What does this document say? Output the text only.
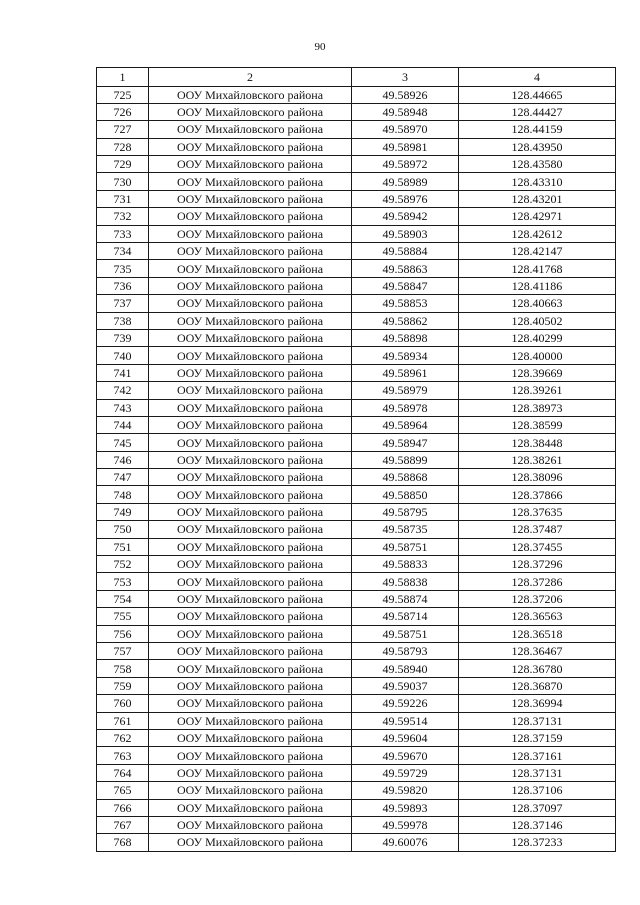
90
1	2	3	4
725	ООУ Михайловского района	49.58926	128.44665
726	ООУ Михайловского района	49.58948	128.44427
727	ООУ Михайловского района	49.58970	128.44159
728	ООУ Михайловского района	49.58981	128.43950
729	ООУ Михайловского района	49.58972	128.43580
730	ООУ Михайловского района	49.58989	128.43310
731	ООУ Михайловского района	49.58976	128.43201
732	ООУ Михайловского района	49.58942	128.42971
733	ООУ Михайловского района	49.58903	128.42612
734	ООУ Михайловского района	49.58884	128.42147
735	ООУ Михайловского района	49.58863	128.41768
736	ООУ Михайловского района	49.58847	128.41186
737	ООУ Михайловского района	49.58853	128.40663
738	ООУ Михайловского района	49.58862	128.40502
739	ООУ Михайловского района	49.58898	128.40299
740	ООУ Михайловского района	49.58934	128.40000
741	ООУ Михайловского района	49.58961	128.39669
742	ООУ Михайловского района	49.58979	128.39261
743	ООУ Михайловского района	49.58978	128.38973
744	ООУ Михайловского района	49.58964	128.38599
745	ООУ Михайловского района	49.58947	128.38448
746	ООУ Михайловского района	49.58899	128.38261
747	ООУ Михайловского района	49.58868	128.38096
748	ООУ Михайловского района	49.58850	128.37866
749	ООУ Михайловского района	49.58795	128.37635
750	ООУ Михайловского района	49.58735	128.37487
751	ООУ Михайловского района	49.58751	128.37455
752	ООУ Михайловского района	49.58833	128.37296
753	ООУ Михайловского района	49.58838	128.37286
754	ООУ Михайловского района	49.58874	128.37206
755	ООУ Михайловского района	49.58714	128.36563
756	ООУ Михайловского района	49.58751	128.36518
757	ООУ Михайловского района	49.58793	128.36467
758	ООУ Михайловского района	49.58940	128.36780
759	ООУ Михайловского района	49.59037	128.36870
760	ООУ Михайловского района	49.59226	128.36994
761	ООУ Михайловского района	49.59514	128.37131
762	ООУ Михайловского района	49.59604	128.37159
763	ООУ Михайловского района	49.59670	128.37161
764	ООУ Михайловского района	49.59729	128.37131
765	ООУ Михайловского района	49.59820	128.37106
766	ООУ Михайловского района	49.59893	128.37097
767	ООУ Михайловского района	49.59978	128.37146
768	ООУ Михайловского района	49.60076	128.37233
